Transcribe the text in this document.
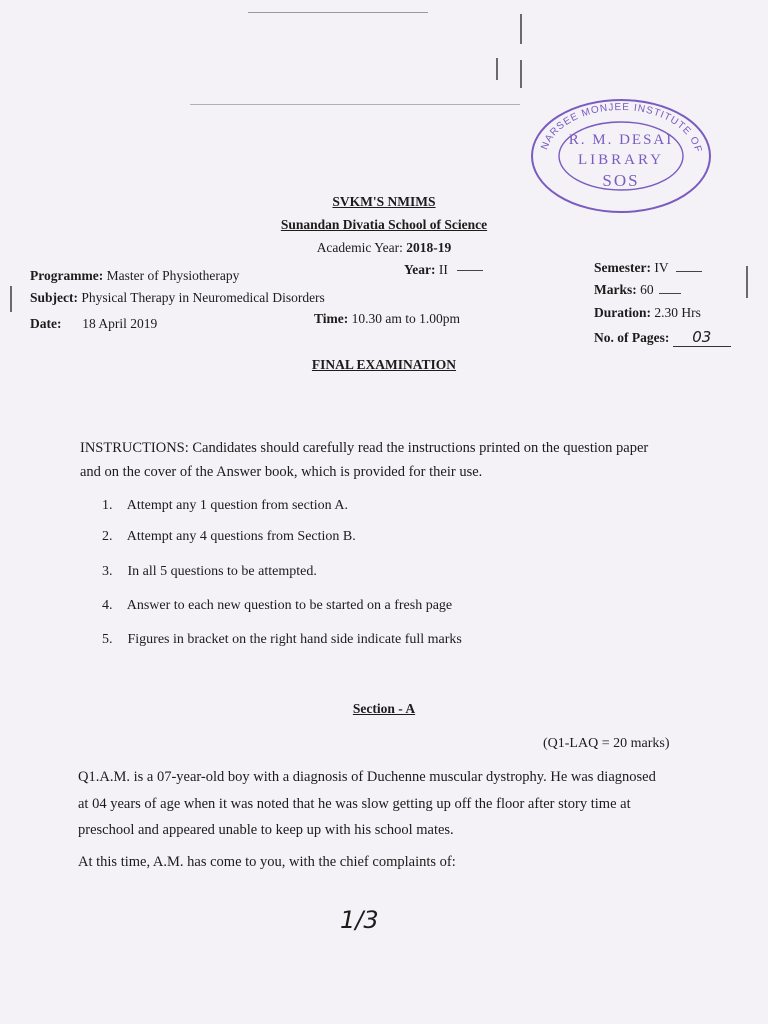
NARSEE MONJEE INSTITUTE OF
R. M. DESAI
LIBRARY
SOS
SVKM'S NMIMS
Sunandan Divatia School of Science
Academic Year: 2018-19
Programme: Master of Physiotherapy	Year: II	Semester: IV
Subject: Physical Therapy in Neuromedical Disorders
Marks: 60
Date: 18 April 2019	Time: 10.30 am to 1.00pm	Duration: 2.30 Hrs
No. of Pages: 03
FINAL EXAMINATION
INSTRUCTIONS: Candidates should carefully read the instructions printed on the question paper
and on the cover of the Answer book, which is provided for their use.
1. Attempt any 1 question from section A.
2. Attempt any 4 questions from Section B.
3. In all 5 questions to be attempted.
4. Answer to each new question to be started on a fresh page
5. Figures in bracket on the right hand side indicate full marks
Section - A
(Q1-LAQ = 20 marks)
Q1.A.M. is a 07-year-old boy with a diagnosis of Duchenne muscular dystrophy. He was diagnosed
at 04 years of age when it was noted that he was slow getting up off the floor after story time at
preschool and appeared unable to keep up with his school mates.
At this time, A.M. has come to you, with the chief complaints of:
1/3
